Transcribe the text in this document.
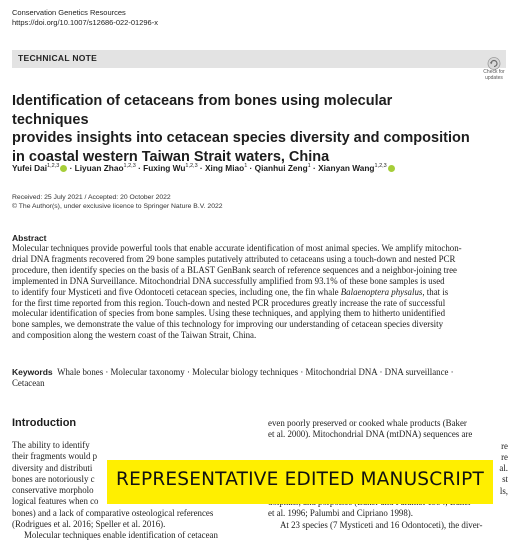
Conservation Genetics Resources
https://doi.org/10.1007/s12686-022-01296-x
TECHNICAL NOTE
Check for
updates
Identification of cetaceans from bones using molecular techniques
provides insights into cetacean species diversity and composition
in coastal western Taiwan Strait waters, China
Yufei Dai$^{1,2,3}$ · Liyuan Zhao$^{1,2,3}$ · Fuxing Wu$^{1,2,3}$ · Xing Miao$^1$ · Qianhui Zeng$^1$ · Xianyan Wang$^{1,2,3}$
Received: 25 July 2021 / Accepted: 20 October 2022
© The Author(s), under exclusive licence to Springer Nature B.V. 2022
Abstract
Molecular techniques provide powerful tools that enable accurate identification of most animal species. We amplify mitochon-
drial DNA fragments recovered from 29 bone samples putatively attributed to cetaceans using a touch-down and nested PCR
procedure, then identify species on the basis of a BLAST GenBank search of reference sequences and a neighbor-joining tree
implemented in DNA Surveillance. Mitochondrial DNA successfully amplified from 93.1% of these bone samples is used
to identify four Mysticeti and five Odontoceti cetacean species, including one, the fin whale Balaenoptera physalus, that is
for the first time reported from this region. Touch-down and nested PCR procedures greatly increase the rate of successful
molecular identification of species from bone samples. Using these techniques, and applying them to hitherto unidentified
bone samples, we demonstrate the value of this technology for improving our understanding of cetacean species diversity
and composition along the western coast of the Taiwan Strait, China.
Keywords Whale bones · Molecular taxonomy · Molecular biology techniques · Mitochondrial DNA · DNA surveillance ·
Cetacean
Introduction
The ability to identify
their fragments would p
diversity and distributi
bones are notoriously c
conservative morpholo
logical features when co
bones) and a lack of comparative osteological references
(Rodrigues et al. 2016; Speller et al. 2016).
Molecular techniques enable identification of cetacean
even poorly preserved or cooked whale products (Baker
et al. 2000). Mitochondrial DNA (mtDNA) sequences are
re
re
al.
st
ls,
et al. 1996; Palumbi and Cipriano 1998).
At 23 species (7 Mysticeti and 16 Odontoceti), the diver-
REPRESENTATIVE EDITED MANUSCRIPT
